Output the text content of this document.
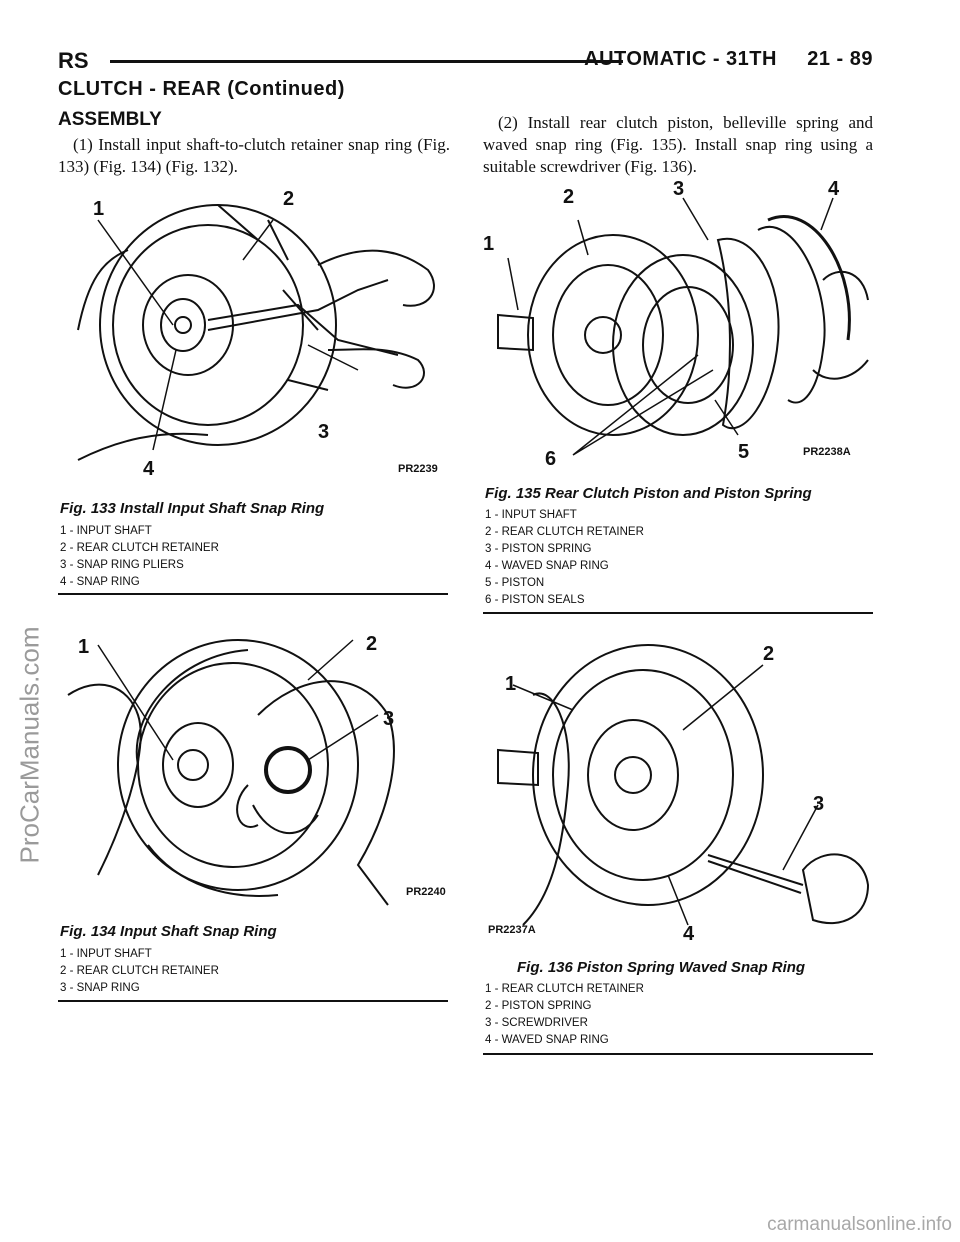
RS	AUTOMATIC - 31TH     21 - 89
CLUTCH - REAR (Continued)
ASSEMBLY
(1) Install input shaft-to-clutch retainer snap ring (Fig. 133) (Fig. 134) (Fig. 132).
(2) Install rear clutch piston, belleville spring and waved snap ring (Fig. 135). Install snap ring using a suitable screwdriver (Fig. 136).
1	2
3
4	PR2239
Fig. 133 Install Input Shaft Snap Ring
1 - INPUT SHAFT
2 - REAR CLUTCH RETAINER
3 - SNAP RING PLIERS
4 - SNAP RING
1
2	3	4
5
6	PR2238A
Fig. 135 Rear Clutch Piston and Piston Spring
1 - INPUT SHAFT
2 - REAR CLUTCH RETAINER
3 - PISTON SPRING
4 - WAVED SNAP RING
5 - PISTON
6 - PISTON SEALS
1	2
3
PR2240
Fig. 134 Input Shaft Snap Ring
1 - INPUT SHAFT
2 - REAR CLUTCH RETAINER
3 - SNAP RING
1
2
3
4
PR2237A
Fig. 136 Piston Spring Waved Snap Ring
1 - REAR CLUTCH RETAINER
2 - PISTON SPRING
3 - SCREWDRIVER
4 - WAVED SNAP RING
ProCarManuals.com
carmanualsonline.info
